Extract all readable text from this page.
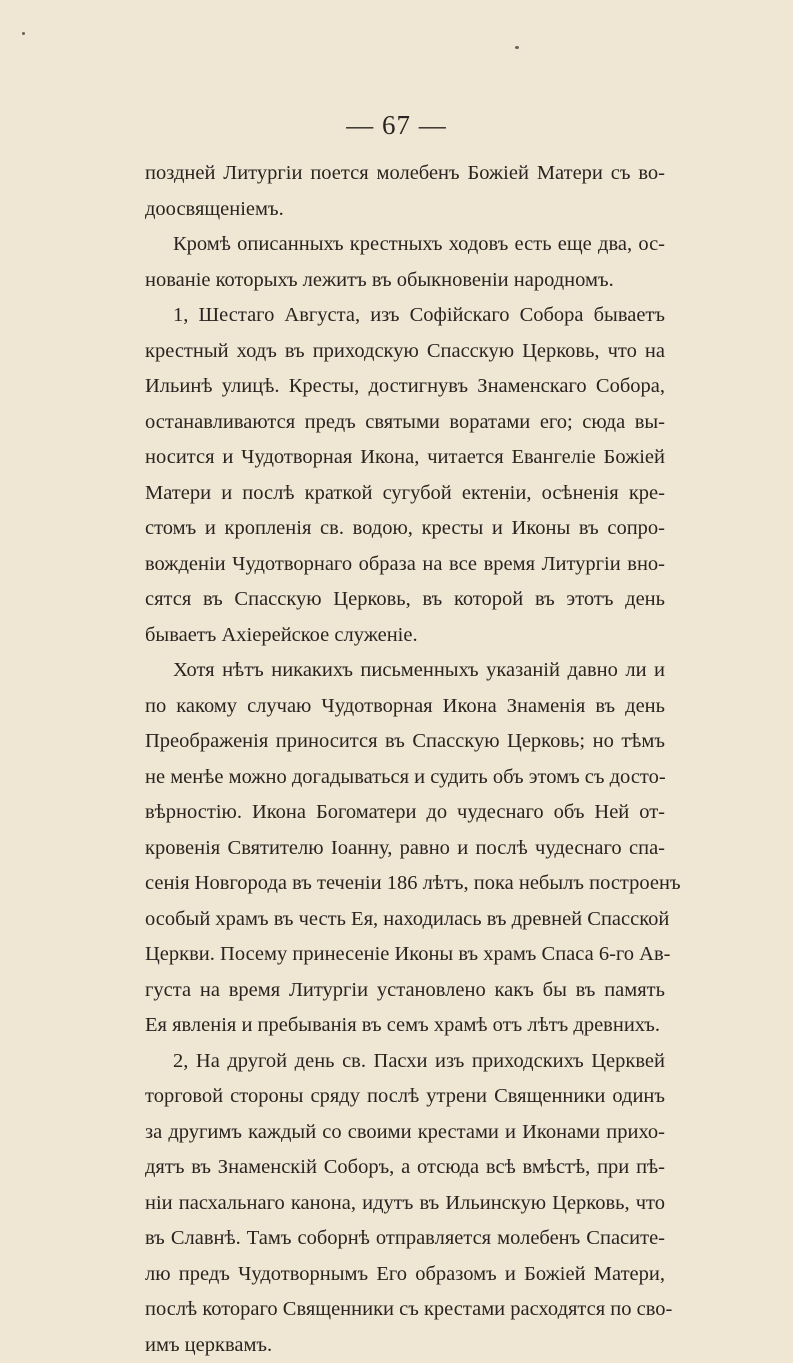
— 67 —
поздней Литургіи поется молебенъ Божіей Матери съ во-
доосвященіемъ.
Кромѣ описанныхъ крестныхъ ходовъ есть еще два, ос-
нованіе которыхъ лежитъ въ обыкновеніи народномъ.
1, Шестаго Августа, изъ Софійскаго Собора бываетъ
крестный ходъ въ приходскую Спасскую Церковь, что на
Ильинѣ улицѣ. Кресты, достигнувъ Знаменскаго Собора,
останавливаются предъ святыми воратами его; сюда вы-
носится и Чудотворная Икона, читается Евангеліе Божіей
Матери и послѣ краткой сугубой ектеніи, осѣненія кре-
стомъ и кропленія св. водою, кресты и Иконы въ сопро-
вожденіи Чудотворнаго образа на все время Литургіи вно-
сятся въ Спасскую Церковь, въ которой въ этотъ день
бываетъ Ахіерейское служеніе.
Хотя нѣтъ никакихъ письменныхъ указаній давно ли и
по какому случаю Чудотворная Икона Знаменія въ день
Преображенія приносится въ Спасскую Церковь; но тѣмъ
не менѣе можно догадываться и судить объ этомъ съ досто-
вѣрностію. Икона Богоматери до чудеснаго объ Ней от-
кровенія Святителю Іоанну, равно и послѣ чудеснаго спа-
сенія Новгорода въ теченіи 186 лѣтъ, пока небылъ построенъ
особый храмъ въ честь Ея, находилась въ древней Спасской
Церкви. Посему принесеніе Иконы въ храмъ Спаса 6-го Ав-
густа на время Литургіи установлено какъ бы въ память
Ея явленія и пребыванія въ семъ храмѣ отъ лѣтъ древнихъ.
2, На другой день св. Пасхи изъ приходскихъ Церквей
торговой стороны сряду послѣ утрени Священники одинъ
за другимъ каждый со своими крестами и Иконами прихо-
дятъ въ Знаменскій Соборъ, а отсюда всѣ вмѣстѣ, при пѣ-
ніи пасхальнаго канона, идутъ въ Ильинскую Церковь, что
въ Славнѣ. Тамъ соборнѣ отправляется молебенъ Спасите-
лю предъ Чудотворнымъ Его образомъ и Божіей Матери,
послѣ котораго Священники съ крестами расходятся по сво-
имъ церквамъ.
